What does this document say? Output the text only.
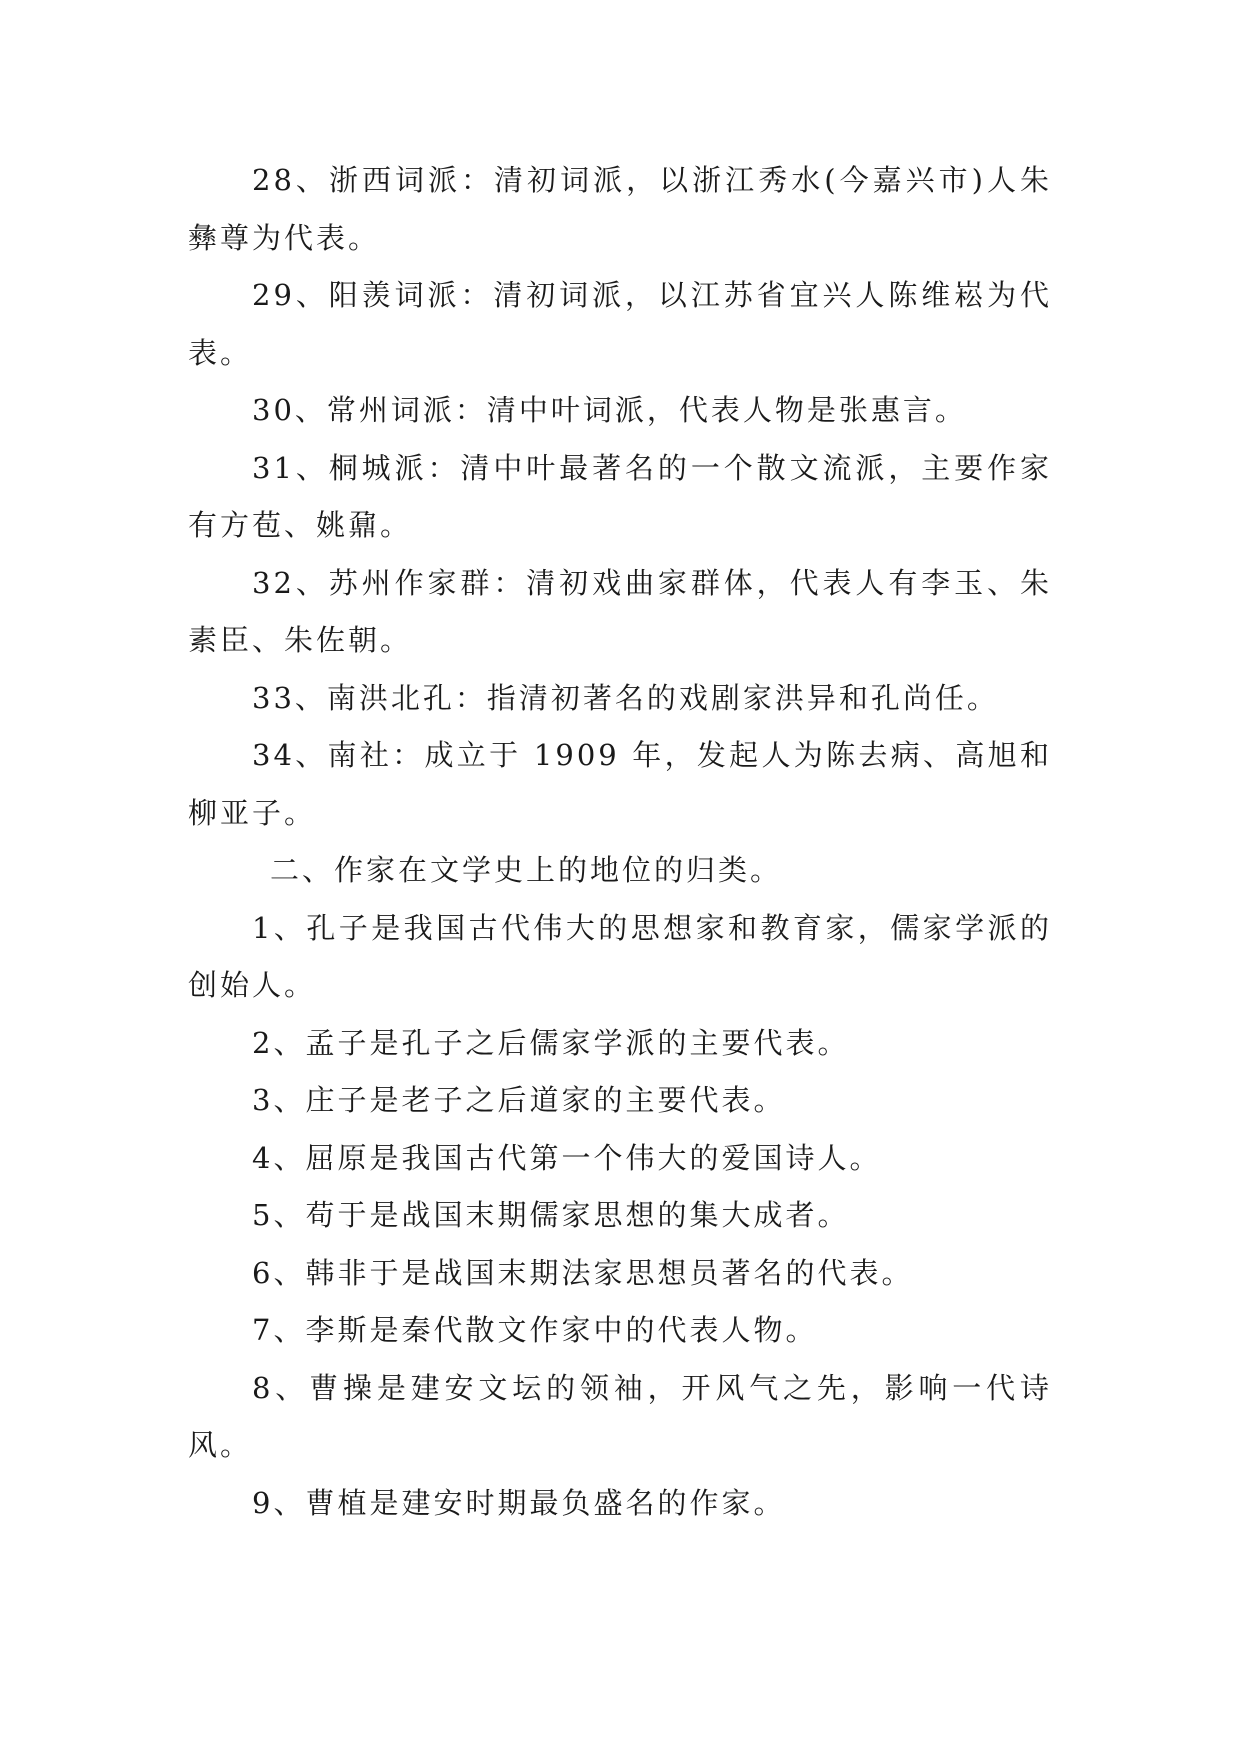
28、浙西词派：清初词派，以浙江秀水(今嘉兴市)人朱彝尊为代表。

29、阳羡词派：清初词派，以江苏省宜兴人陈维崧为代表。

30、常州词派：清中叶词派，代表人物是张惠言。

31、桐城派：清中叶最著名的一个散文流派，主要作家有方苞、姚鼐。

32、苏州作家群：清初戏曲家群体，代表人有李玉、朱素臣、朱佐朝。

33、南洪北孔：指清初著名的戏剧家洪异和孔尚任。

34、南社：成立于 1909 年，发起人为陈去病、高旭和柳亚子。

二、作家在文学史上的地位的归类。

1、孔子是我国古代伟大的思想家和教育家，儒家学派的创始人。

2、孟子是孔子之后儒家学派的主要代表。

3、庄子是老子之后道家的主要代表。

4、屈原是我国古代第一个伟大的爱国诗人。

5、苟于是战国末期儒家思想的集大成者。

6、韩非于是战国末期法家思想员著名的代表。

7、李斯是秦代散文作家中的代表人物。

8、曹操是建安文坛的领袖，开风气之先，影响一代诗风。

9、曹植是建安时期最负盛名的作家。
